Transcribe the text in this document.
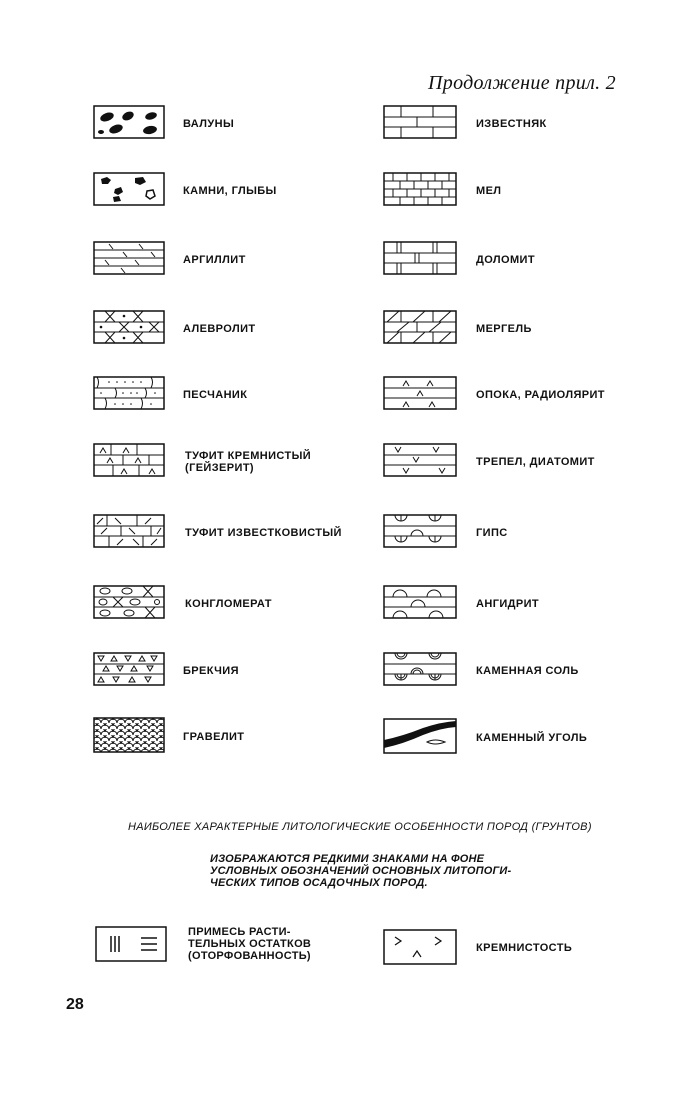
Продолжение прил. 2
ВАЛУНЫ
КАМНИ, ГЛЫБЫ
АРГИЛЛИТ
АЛЕВРОЛИТ
ПЕСЧАНИК
ТУФИТ КРЕМНИСТЫЙ
(ГЕЙЗЕРИТ)
ТУФИТ ИЗВЕСТКОВИСТЫЙ
КОНГЛОМЕРАТ
БРЕКЧИЯ
ГРАВЕЛИТ
ИЗВЕСТНЯК
МЕЛ
ДОЛОМИТ
МЕРГЕЛЬ
ОПОКА, РАДИОЛЯРИТ
ТРЕПЕЛ, ДИАТОМИТ
ГИПС
АНГИДРИТ
КАМЕННАЯ СОЛЬ
КАМЕННЫЙ УГОЛЬ
НАИБОЛЕЕ ХАРАКТЕРНЫЕ ЛИТОЛОГИЧЕСКИЕ ОСОБЕННОСТИ ПОРОД (ГРУНТОВ)
ИЗОБРАЖАЮТСЯ РЕДКИМИ ЗНАКАМИ НА ФОНЕ
УСЛОВНЫХ ОБОЗНАЧЕНИЙ ОСНОВНЫХ ЛИТОПОГИ-
ЧЕСКИХ ТИПОВ ОСАДОЧНЫХ ПОРОД.
ПРИМЕСЬ РАСТИ-
ТЕЛЬНЫХ ОСТАТКОВ
(ОТОРФОВАННОСТЬ)
КРЕМНИСТОСТЬ
28
